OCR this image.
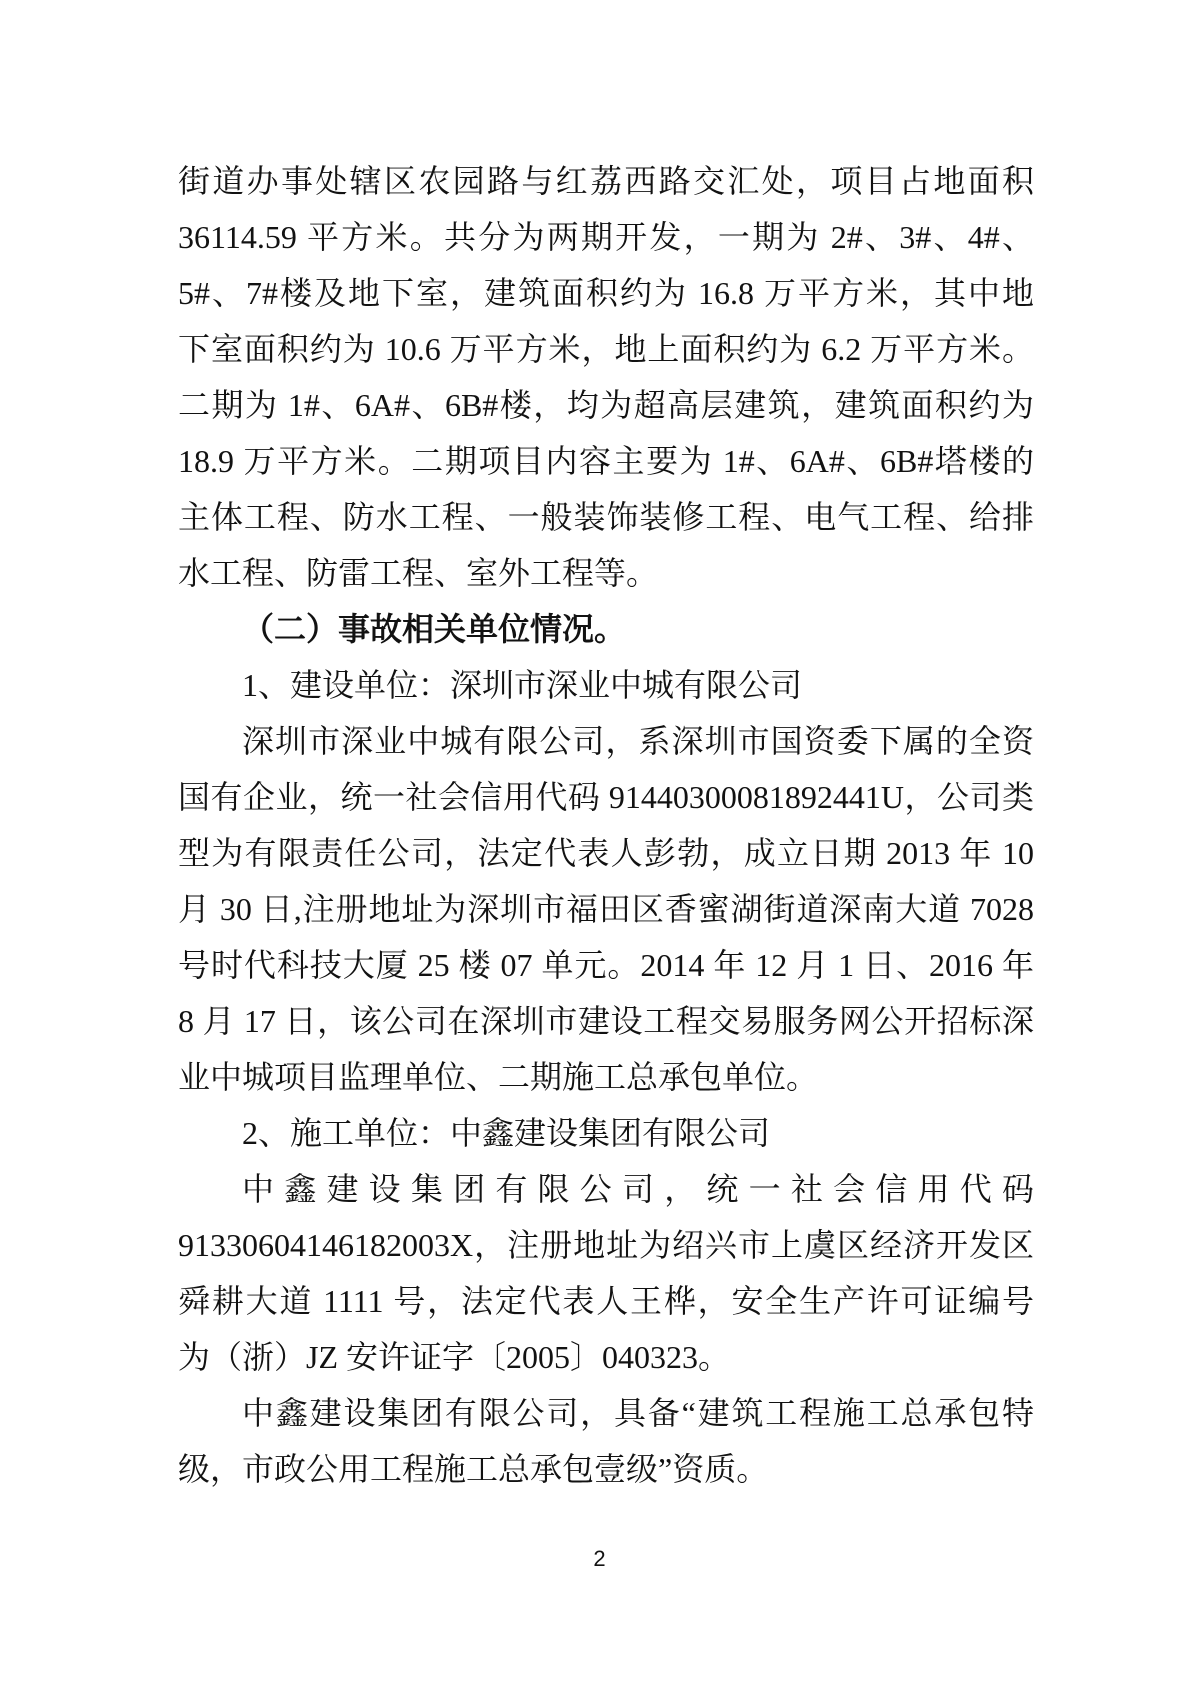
街道办事处辖区农园路与红荔西路交汇处，项目占地面积
36114.59 平方米。共分为两期开发，一期为 2#、3#、4#、
5#、7#楼及地下室，建筑面积约为 16.8 万平方米，其中地
下室面积约为 10.6 万平方米，地上面积约为 6.2 万平方米。
二期为 1#、6A#、6B#楼，均为超高层建筑，建筑面积约为
18.9 万平方米。二期项目内容主要为 1#、6A#、6B#塔楼的
主体工程、防水工程、一般装饰装修工程、电气工程、给排
水工程、防雷工程、室外工程等。
（二）事故相关单位情况。
1、建设单位：深圳市深业中城有限公司
深圳市深业中城有限公司，系深圳市国资委下属的全资
国有企业，统一社会信用代码 91440300081892441U，公司类
型为有限责任公司，法定代表人彭勃，成立日期 2013 年 10
月 30 日,注册地址为深圳市福田区香蜜湖街道深南大道 7028
号时代科技大厦 25 楼 07 单元。2014 年 12 月 1 日、2016 年
8 月 17 日，该公司在深圳市建设工程交易服务网公开招标深
业中城项目监理单位、二期施工总承包单位。
2、施工单位：中鑫建设集团有限公司
中鑫建设集团有限公司，统一社会信用代码
91330604146182003X，注册地址为绍兴市上虞区经济开发区
舜耕大道 1111 号，法定代表人王桦，安全生产许可证编号
为（浙）JZ 安许证字〔2005〕040323。
中鑫建设集团有限公司，具备“建筑工程施工总承包特
级，市政公用工程施工总承包壹级”资质。
2
